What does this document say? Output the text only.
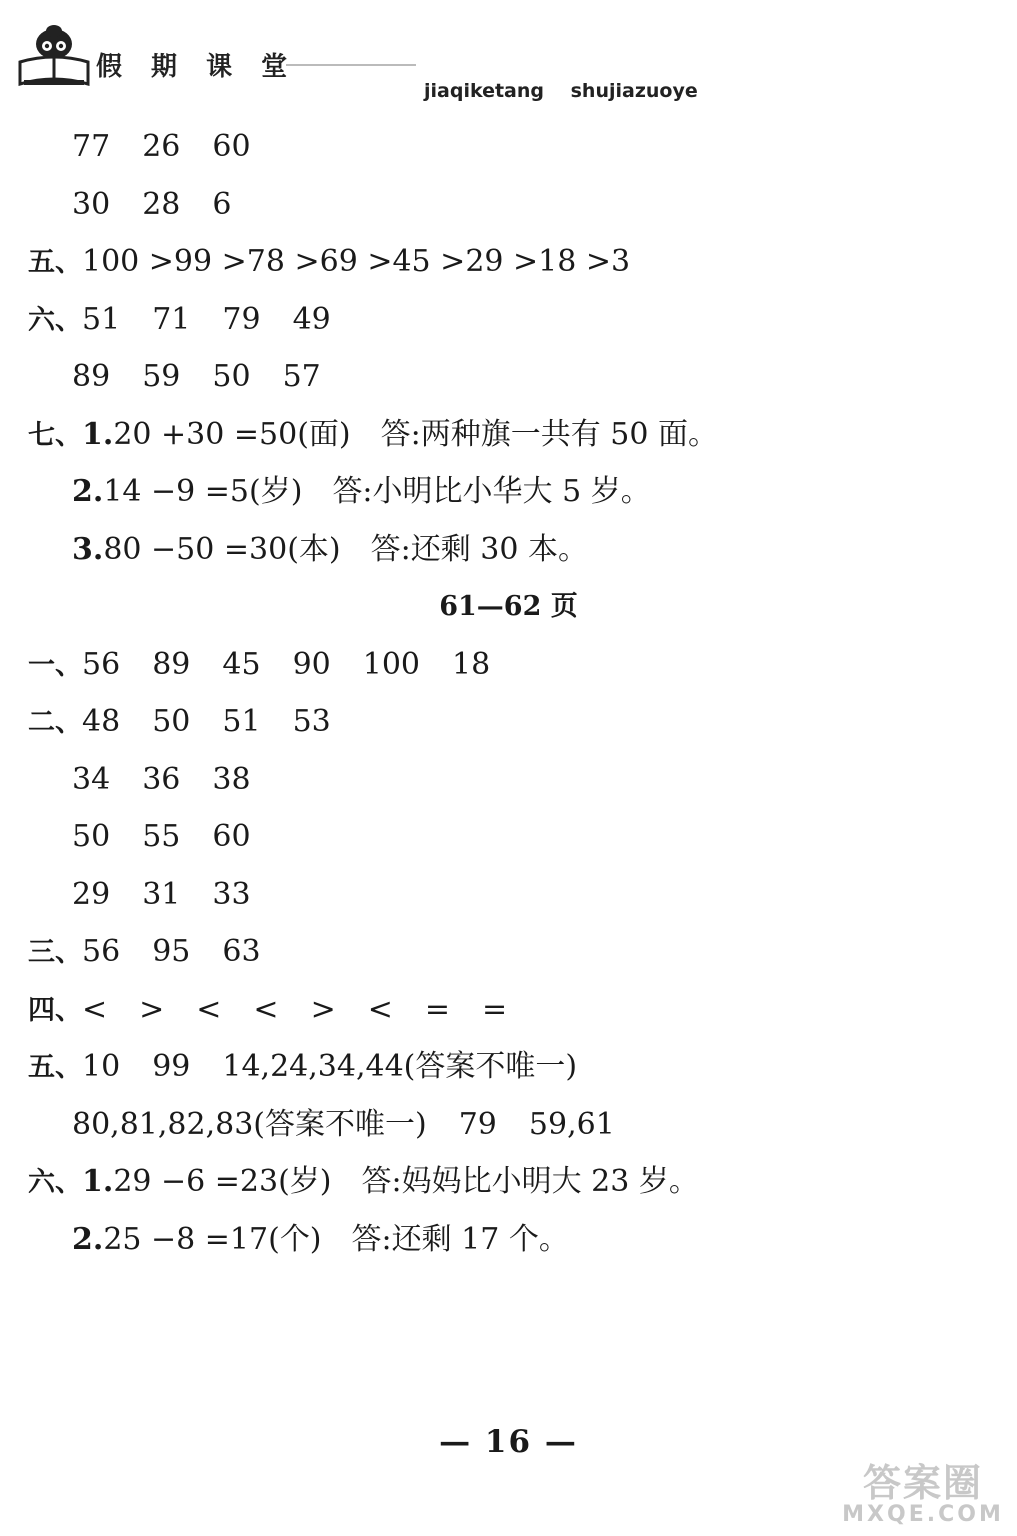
假 期 课 堂
jiaqiketang shujiazuoye
77 26 60
30 28 6
五、100 >99 >78 >69 >45 >29 >18 >3
六、51 71 79 49
89 59 50 57
七、1.20 +30 =50(面) 答:两种旗一共有 50 面。
2.14 −9 =5(岁) 答:小明比小华大 5 岁。
3.80 −50 =30(本) 答:还剩 30 本。
61—62 页
一、56 89 45 90 100 18
二、48 50 51 53
34 36 38
50 55 60
29 31 33
三、56 95 63
四、< > < < > < = =
五、10 99 14,24,34,44(答案不唯一)
80,81,82,83(答案不唯一) 79 59,61
六、1.29 −6 =23(岁) 答:妈妈比小明大 23 岁。
2.25 −8 =17(个) 答:还剩 17 个。
— 16 —
答案圈
MXQE.COM
